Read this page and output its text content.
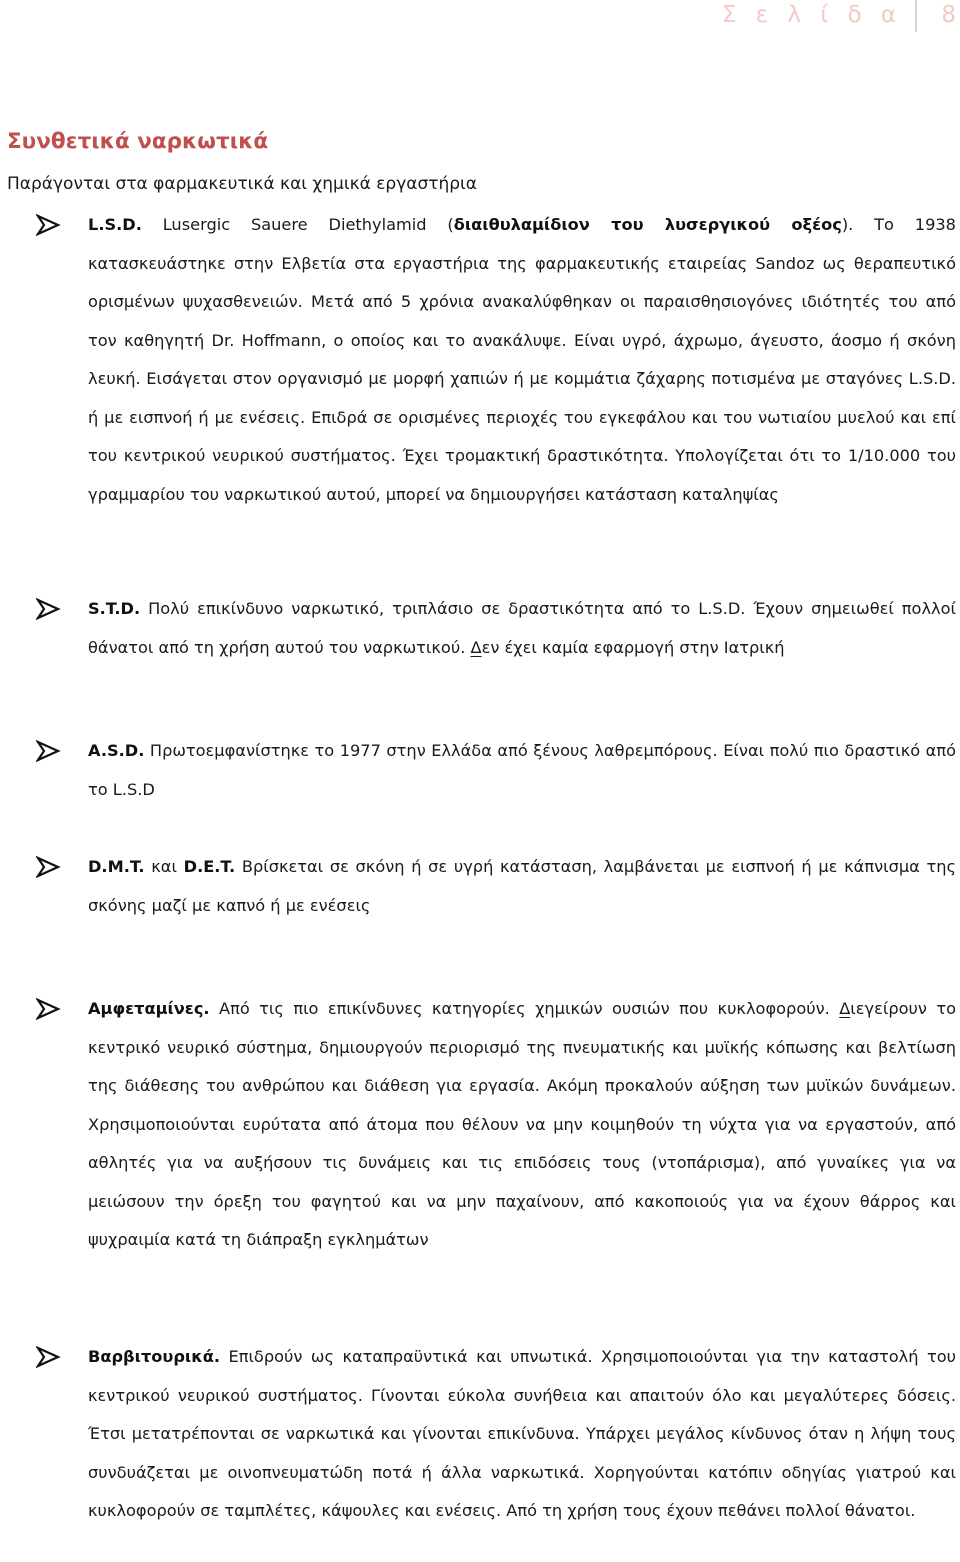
Σ ε λ ί δ α 8
Συνθετικά ναρκωτικά
Παράγονται στα φαρμακευτικά και χημικά εργαστήρια
L.S.D. Lusergic Sauere Diethylamid (διαιθυλαμίδιον του λυσεργικού οξέος). Το 1938 κατασκευάστηκε στην Ελβετία στα εργαστήρια της φαρμακευτικής εταιρείας Sandoz ως θεραπευτικό ορισμένων ψυχασθενειών. Μετά από 5 χρόνια ανακαλύφθηκαν οι παραισθησιογόνες ιδιότητές του από τον καθηγητή Dr. Hoffmann, ο οποίος και το ανακάλυψε. Είναι υγρό, άχρωμο, άγευστο, άοσμο ή σκόνη λευκή. Εισάγεται στον οργανισμό με μορφή χαπιών ή με κομμάτια ζάχαρης ποτισμένα με σταγόνες L.S.D. ή με εισπνοή ή με ενέσεις. Επιδρά σε ορισμένες περιοχές του εγκεφάλου και του νωτιαίου μυελού και επί του κεντρικού νευρικού συστήματος. Έχει τρομακτική δραστικότητα. Υπολογίζεται ότι το 1/10.000 του γραμμαρίου του ναρκωτικού αυτού, μπορεί να δημιουργήσει κατάσταση καταληψίας
S.T.D. Πολύ επικίνδυνο ναρκωτικό, τριπλάσιο σε δραστικότητα από το L.S.D. Έχουν σημειωθεί πολλοί θάνατοι από τη χρήση αυτού του ναρκωτικού. Δεν έχει καμία εφαρμογή στην Ιατρική
A.S.D. Πρωτοεμφανίστηκε το 1977 στην Ελλάδα από ξένους λαθρεμπόρους. Είναι πολύ πιο δραστικό από το L.S.D
D.M.T. και D.E.T. Βρίσκεται σε σκόνη ή σε υγρή κατάσταση, λαμβάνεται με εισπνοή ή με κάπνισμα της σκόνης μαζί με καπνό ή με ενέσεις
Αμφεταμίνες. Από τις πιο επικίνδυνες κατηγορίες χημικών ουσιών που κυκλοφορούν. Διεγείρουν το κεντρικό νευρικό σύστημα, δημιουργούν περιορισμό της πνευματικής και μυϊκής κόπωσης και βελτίωση της διάθεσης του ανθρώπου και διάθεση για εργασία. Ακόμη προκαλούν αύξηση των μυϊκών δυνάμεων. Χρησιμοποιούνται ευρύτατα από άτομα που θέλουν να μην κοιμηθούν τη νύχτα για να εργαστούν, από αθλητές για να αυξήσουν τις δυνάμεις και τις επιδόσεις τους (ντοπάρισμα), από γυναίκες για να μειώσουν την όρεξη του φαγητού και να μην παχαίνουν, από κακοποιούς για να έχουν θάρρος και ψυχραιμία κατά τη διάπραξη εγκλημάτων
Βαρβιτουρικά. Επιδρούν ως καταπραϋντικά και υπνωτικά. Χρησιμοποιούνται για την καταστολή του κεντρικού νευρικού συστήματος. Γίνονται εύκολα συνήθεια και απαιτούν όλο και μεγαλύτερες δόσεις. Έτσι μετατρέπονται σε ναρκωτικά και γίνονται επικίνδυνα. Υπάρχει μεγάλος κίνδυνος όταν η λήψη τους συνδυάζεται με οινοπνευματώδη ποτά ή άλλα ναρκωτικά. Χορηγούνται κατόπιν οδηγίας γιατρού και κυκλοφορούν σε ταμπλέτες, κάψουλες και ενέσεις. Από τη χρήση τους έχουν πεθάνει πολλοί θάνατοι.
